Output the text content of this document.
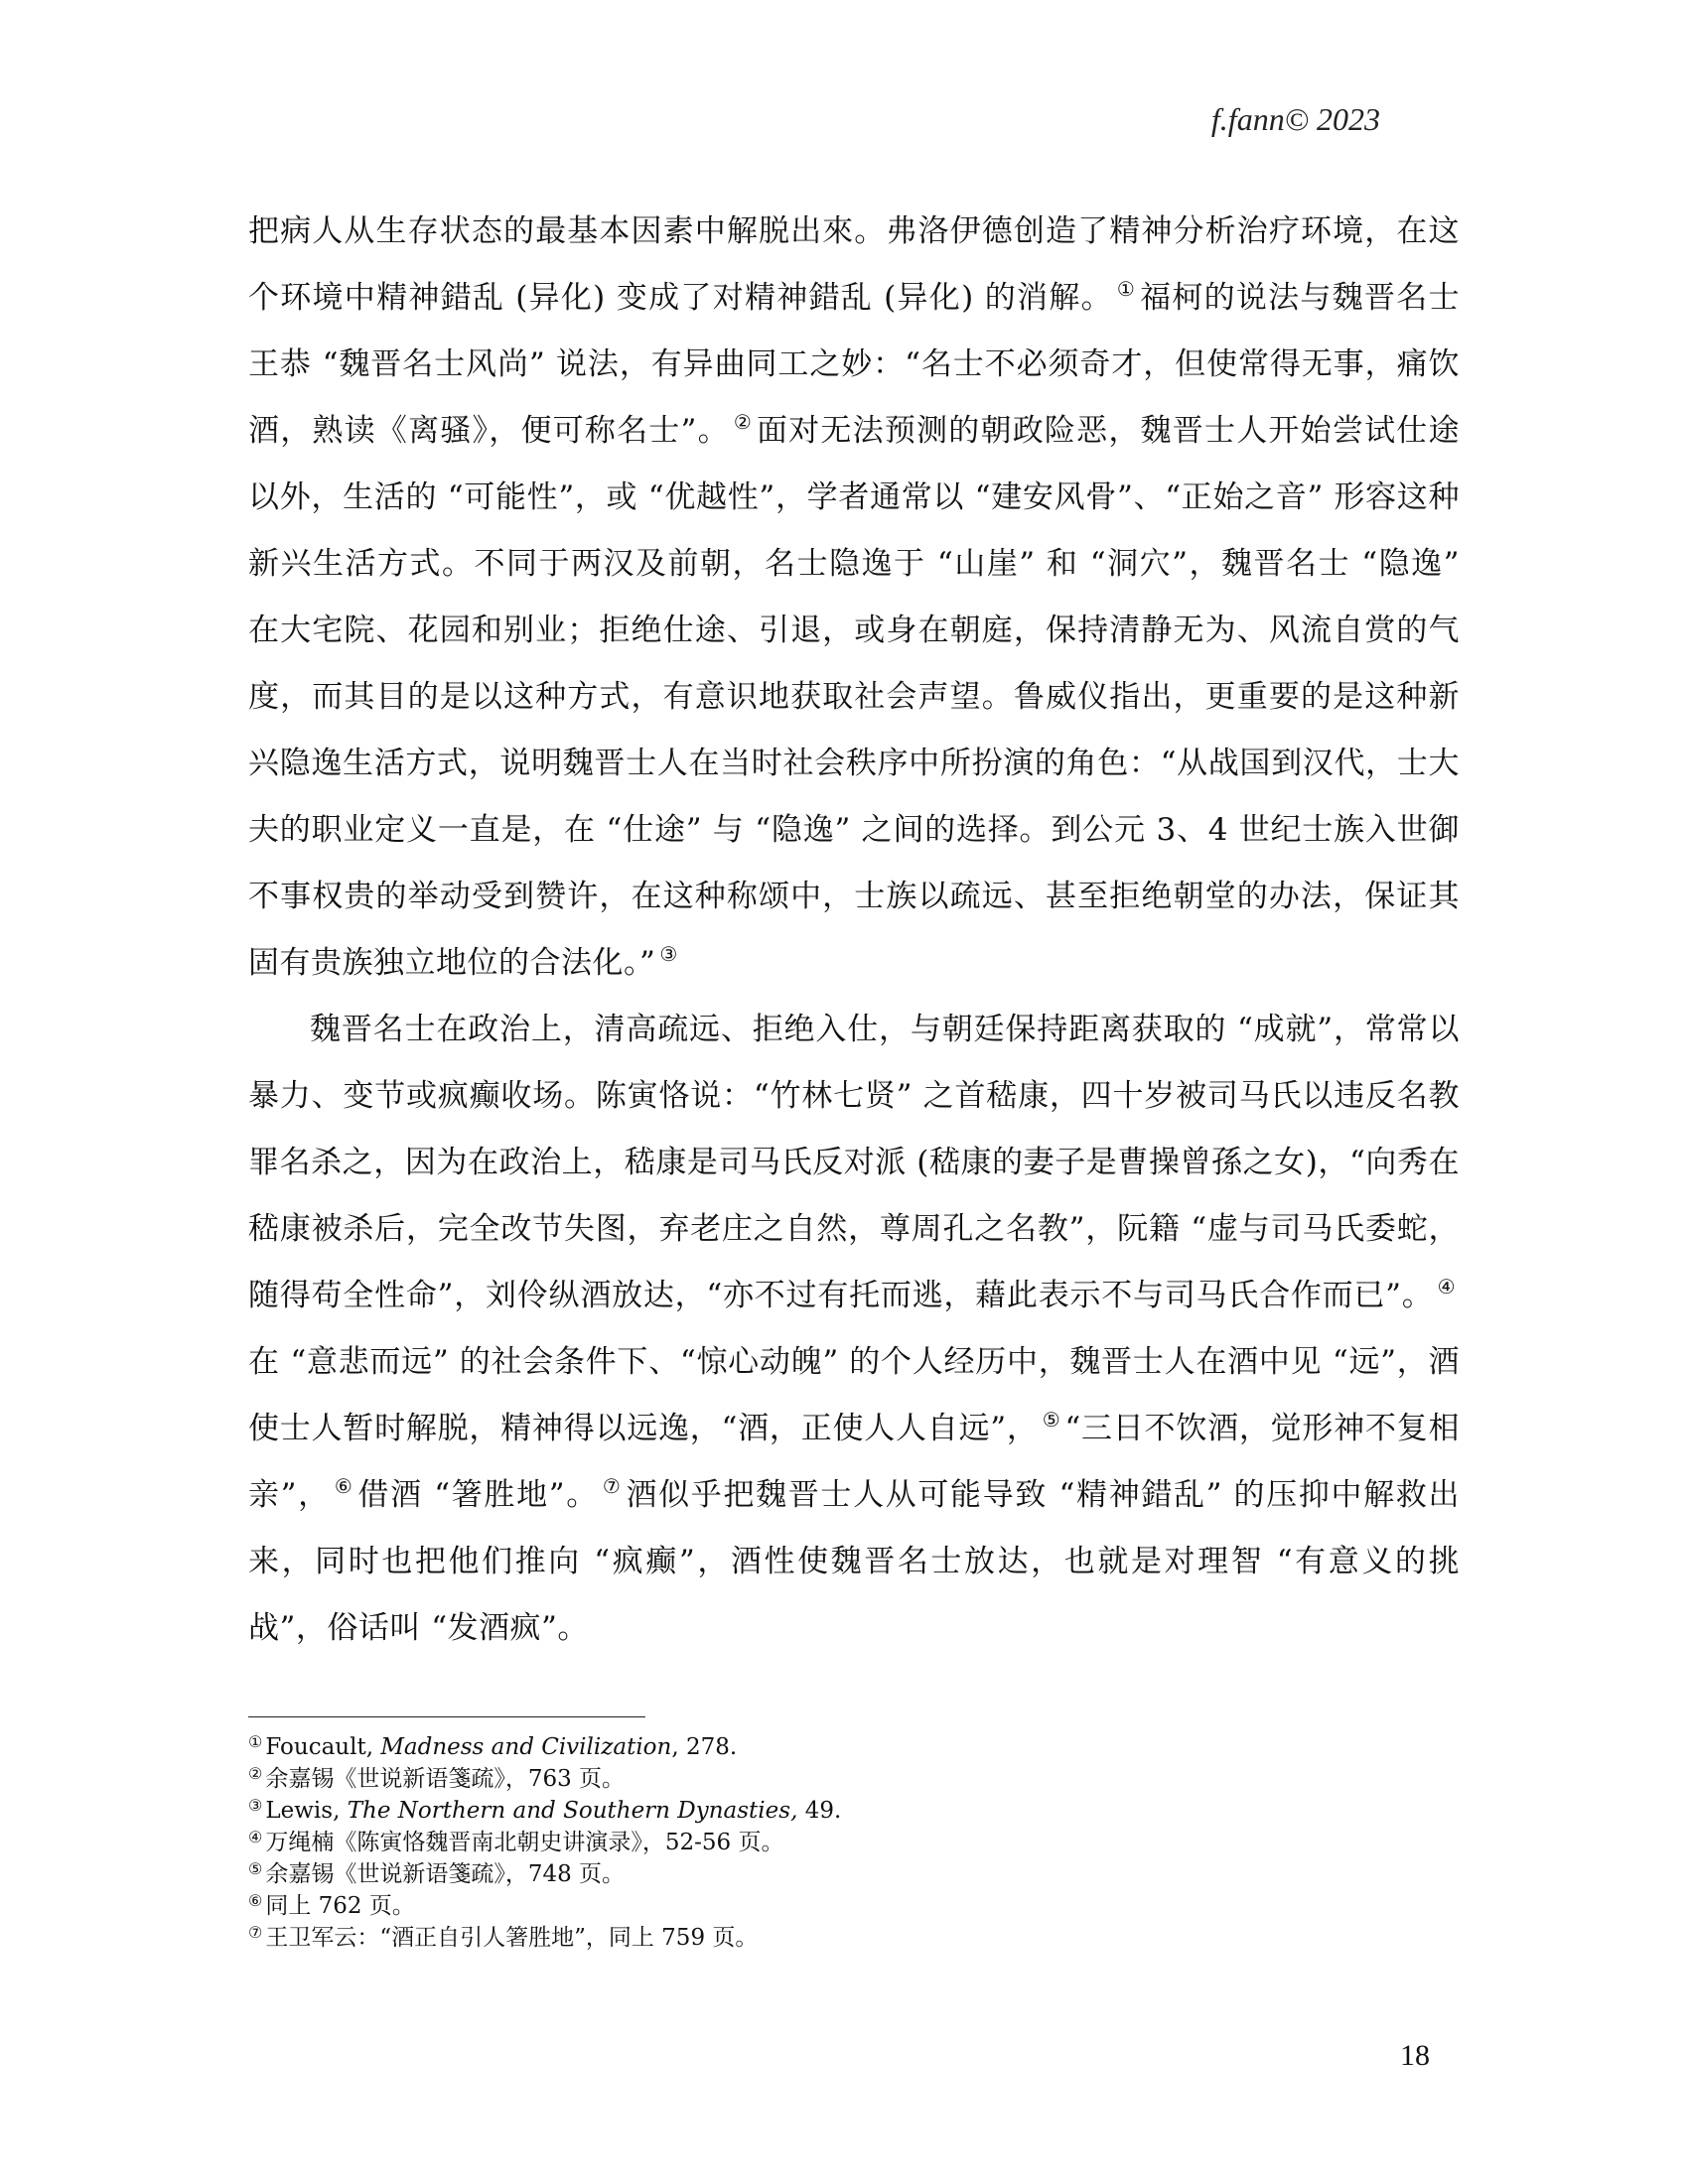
f.fann© 2023

把病人从生存状态的最基本因素中解脱出來。弗洛伊德创造了精神分析治疗环境，在这个环境中精神錯乱 (异化) 变成了对精神錯乱 (异化) 的消解。 ① 福柯的说法与魏晋名士王恭 “魏晋名士风尚” 说法，有异曲同工之妙：“名士不必须奇才，但使常得无事，痛饮酒，熟读《离骚》，便可称名士”。 ② 面对无法预测的朝政险恶，魏晋士人开始尝试仕途以外，生活的 “可能性”，或 “优越性”，学者通常以 “建安风骨”、“正始之音” 形容这种新兴生活方式。不同于两汉及前朝，名士隐逸于 “山崖” 和 “洞穴”，魏晋名士 “隐逸” 在大宅院、花园和别业；拒绝仕途、引退，或身在朝庭，保持清静无为、风流自赏的气度，而其目的是以这种方式，有意识地获取社会声望。鲁威仪指出，更重要的是这种新兴隐逸生活方式，说明魏晋士人在当时社会秩序中所扮演的角色：“从战国到汉代，士大夫的职业定义一直是，在 “仕途” 与 “隐逸” 之间的选择。到公元 3、4 世纪士族入世御不事权贵的举动受到赞许，在这种称颂中，士族以疏远、甚至拒绝朝堂的办法，保证其固有贵族独立地位的合法化。” ③

魏晋名士在政治上，清高疏远、拒绝入仕，与朝廷保持距离获取的 “成就”，常常以暴力、变节或疯癫收场。陈寅恪说：“竹林七贤” 之首嵇康，四十岁被司马氏以违反名教罪名杀之，因为在政治上，嵇康是司马氏反对派 (嵇康的妻子是曹操曾孫之女)，“向秀在嵇康被杀后，完全改节失图，弃老庄之自然，尊周孔之名教”，阮籍 “虚与司马氏委蛇，随得苟全性命”，刘伶纵酒放达，“亦不过有托而逃，藉此表示不与司马氏合作而已”。 ④在 “意悲而远” 的社会条件下、“惊心动魄” 的个人经历中，魏晋士人在酒中见 “远”，酒使士人暂时解脱，精神得以远逸，“酒，正使人人自远”， ⑤ “三日不饮酒，觉形神不复相亲”， ⑥ 借酒 “箸胜地”。 ⑦ 酒似乎把魏晋士人从可能导致 “精神錯乱” 的压抑中解救出来，同时也把他们推向 “疯癫”，酒性使魏晋名士放达，也就是对理智 “有意义的挑战”，俗话叫 “发酒疯”。

① Foucault, Madness and Civilization, 278.
② 余嘉锡《世说新语箋疏》，763 页。
③ Lewis, The Northern and Southern Dynasties, 49.
④ 万绳楠《陈寅恪魏晋南北朝史讲演录》，52-56 页。
⑤ 余嘉锡《世说新语箋疏》，748 页。
⑥ 同上 762 页。
⑦ 王卫军云：“酒正自引人箸胜地”，同上 759 页。
18
